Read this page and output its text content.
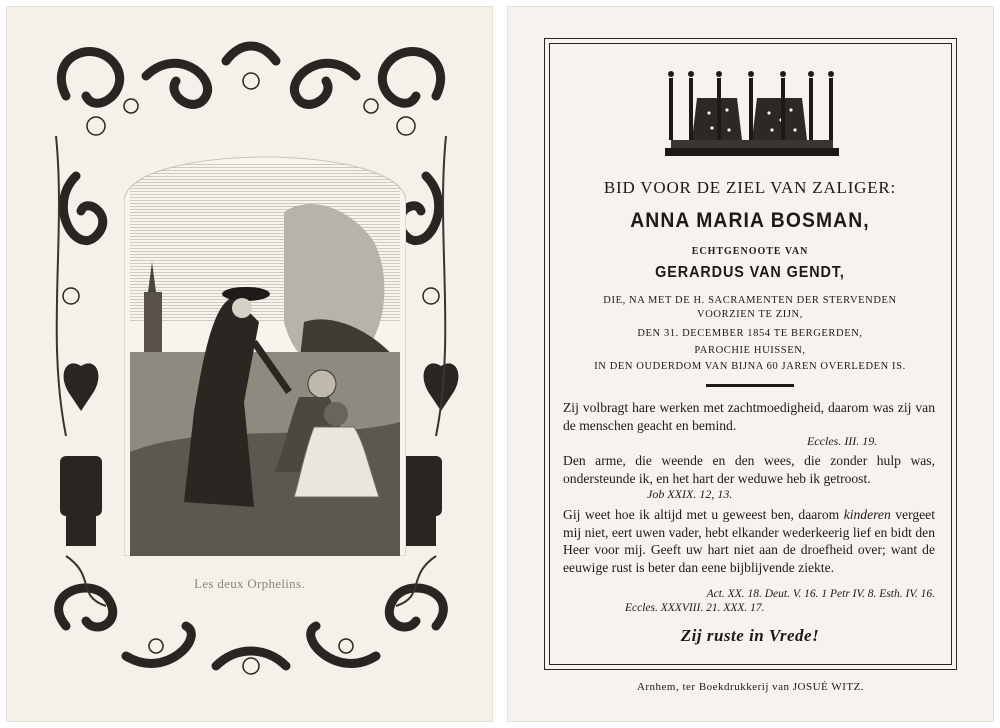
Les deux Orphelins.
BID VOOR DE ZIEL VAN ZALIGER:
ANNA MARIA BOSMAN,
ECHTGENOOTE VAN
GERARDUS VAN GENDT,
DIE, NA MET DE H. SACRAMENTEN DER STERVENDEN
VOORZIEN TE ZIJN,
DEN 31. DECEMBER 1854 TE BERGERDEN,
PAROCHIE HUISSEN,
IN DEN OUDERDOM VAN BIJNA 60 JAREN OVERLEDEN IS.
Zij volbragt hare werken met zachtmoedigheid, daarom was zij van de menschen geacht en bemind.
Eccles. III. 19.
Den arme, die weende en den wees, die zonder hulp was, ondersteunde ik, en het hart der weduwe heb ik getroost.
Job XXIX. 12, 13.
Gij weet hoe ik altijd met u geweest ben, daarom kinderen vergeet mij niet, eert uwen vader, hebt elkander wederkeerig lief en bidt den Heer voor mij. Geeft uw hart niet aan de droefheid over; want de eeuwige rust is beter dan eene bijblijvende ziekte.
Act. XX. 18. Deut. V. 16. 1 Petr IV. 8. Esth. IV. 16.
Eccles. XXXVIII. 21. XXX. 17.
Zij ruste in Vrede!
Arnhem, ter Boekdrukkerij van JOSUÉ WITZ.
